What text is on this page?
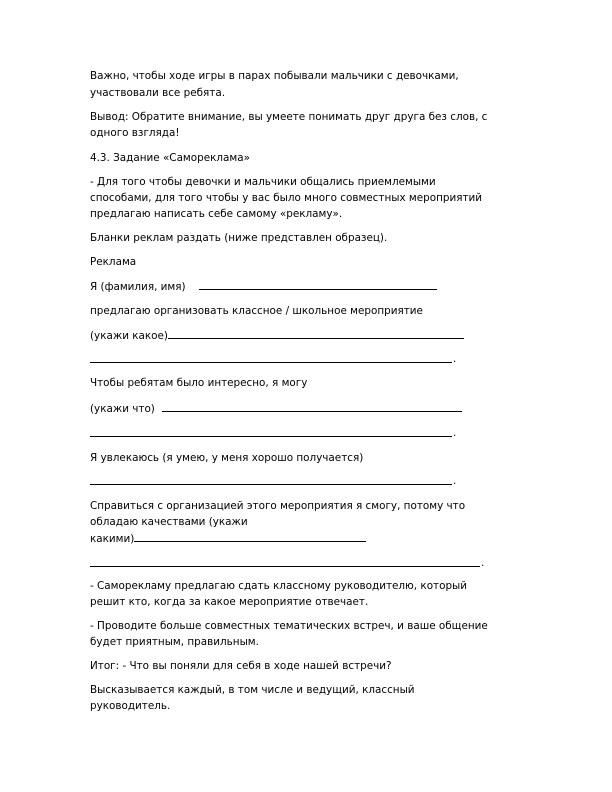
Важно, чтобы ходе игры в парах побывали мальчики с девочками,

участвовали все ребята.

Вывод: Обратите внимание, вы умеете понимать друг друга без слов, с

одного взгляда!

4.3. Задание «Самореклама»

- Для того чтобы девочки и мальчики общались приемлемыми

способами, для того чтобы у вас было много совместных мероприятий

предлагаю написать себе самому «рекламу».

Бланки реклам раздать (ниже представлен образец).

Реклама

Я (фамилия, имя)

предлагаю организовать классное / школьное мероприятие

(укажи какое)

.

Чтобы ребятам было интересно, я могу

(укажи что)

.

Я увлекаюсь (я умею, у меня хорошо получается)

.

Справиться с организацией этого мероприятия я смогу, потому что

обладаю качествами (укажи

какими)

.

- Саморекламу предлагаю сдать классному руководителю, который

решит кто, когда за какое мероприятие отвечает.

- Проводите больше совместных тематических встреч, и ваше общение

будет приятным, правильным.

Итог: - Что вы поняли для себя в ходе нашей встречи?

Высказывается каждый, в том числе и ведущий, классный

руководитель.
